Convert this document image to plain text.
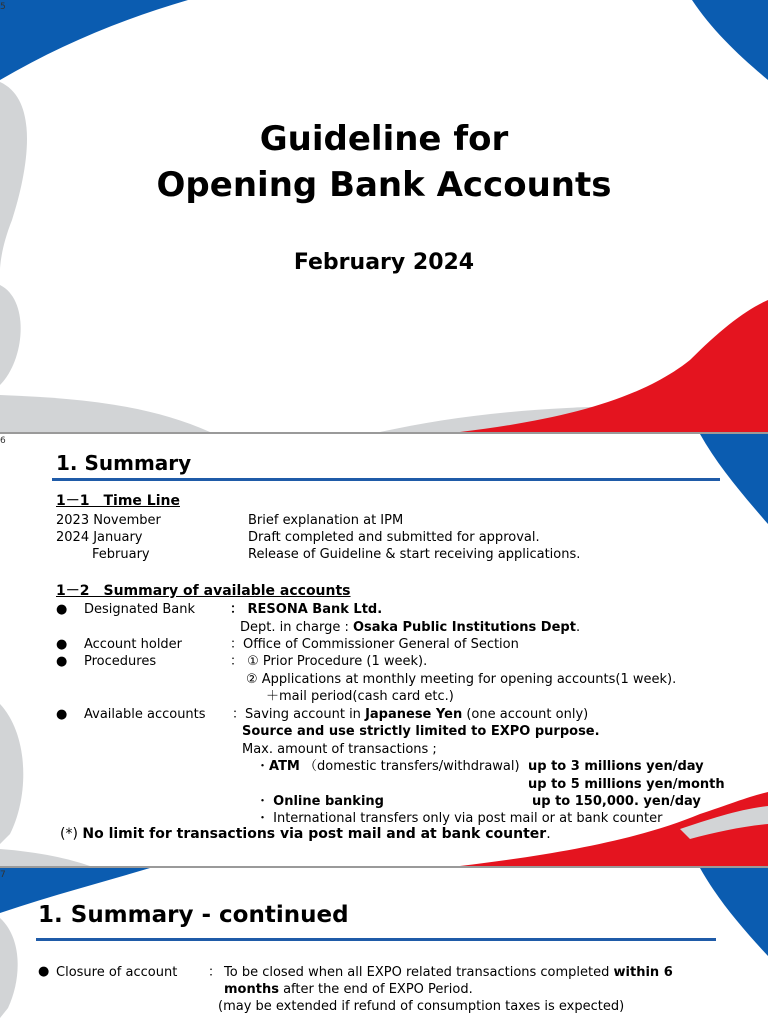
5
Guideline for
Opening Bank Accounts
February 2024
6
1. Summary
1－1　Time Line
2023 November	Brief explanation at IPM
2024 January	Draft completed and submitted for approval.
February	Release of Guideline & start receiving applications.
1－2　Summary of available accounts
● Designated Bank	： RESONA Bank Ltd.
Dept. in charge : Osaka Public Institutions Dept.
● Account holder	：Office of Commissioner General of Section
● Procedures	： ① Prior Procedure (1 week).
② Applications at monthly meeting for opening accounts(1 week).
＋mail period(cash card etc.)
● Available accounts ：Saving account in Japanese Yen (one account only)
Source and use strictly limited to EXPO purpose.
Max. amount of transactions ;
・ATM （domestic transfers/withdrawal) up to 3 millions yen/day
up to 5 millions yen/month
・ Online banking	up to 150,000. yen/day
・ International transfers only via post mail or at bank counter
(*) No limit for transactions via post mail and at bank counter.
7
1. Summary - continued
● Closure of account ： To be closed when all EXPO related transactions completed within 6
months after the end of EXPO Period.
(may be extended if refund of consumption taxes is expected)
